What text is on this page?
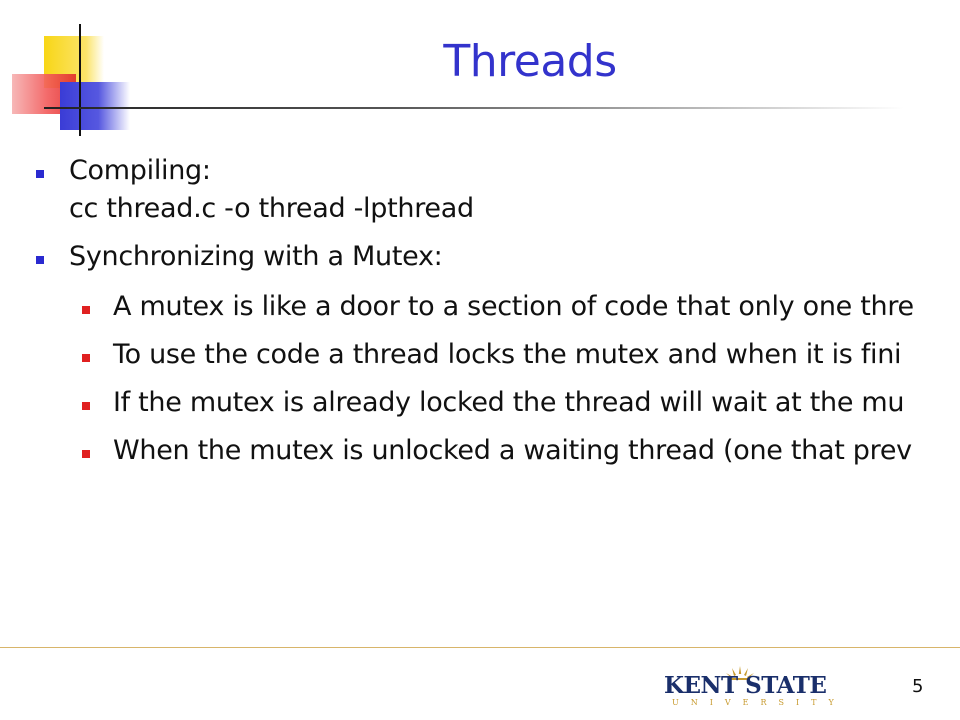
Threads
Compiling:
cc thread.c -o thread -lpthread
Synchronizing with a Mutex:
A mutex is like a door to a section of code that only one thre
To use the code a thread locks the mutex and when it is fini
If the mutex is already locked the thread will wait at the mu
When the mutex is unlocked a waiting thread (one that prev
KENT STATE
UNIVERSITY
5
